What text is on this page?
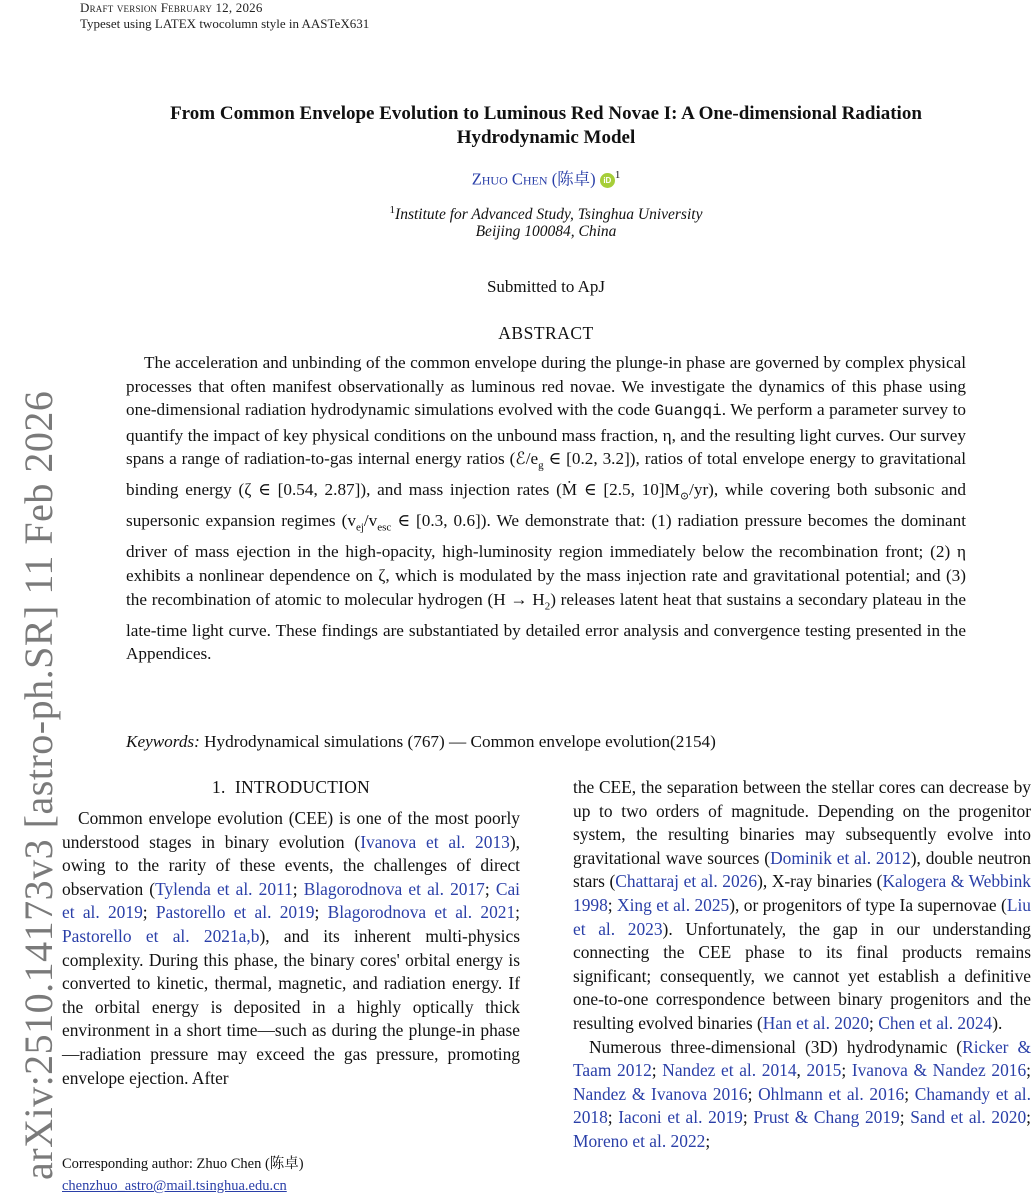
Draft version February 12, 2026
Typeset using LATEX twocolumn style in AASTeX631
arXiv:2510.14173v3 [astro-ph.SR] 11 Feb 2026
From Common Envelope Evolution to Luminous Red Novae I: A One-dimensional Radiation
Hydrodynamic Model
Zhuo Chen (陈卓) iD $^1$
$^1$Institute for Advanced Study, Tsinghua University
Beijing 100084, China
Submitted to ApJ
ABSTRACT
The acceleration and unbinding of the common envelope during the plunge-in phase are governed by complex physical processes that often manifest observationally as luminous red novae. We investigate the dynamics of this phase using one-dimensional radiation hydrodynamic simulations evolved with the code Guangqi. We perform a parameter survey to quantify the impact of key physical conditions on the unbound mass fraction, η, and the resulting light curves. Our survey spans a range of radiation-to-gas internal energy ratios ($ℰ/e_g$ ∈ [0.2, 3.2]), ratios of total envelope energy to gravitational binding energy (ζ ∈ [0.54, 2.87]), and mass injection rates (Ṁ ∈ [2.5, $10]M_⊙/yr$), while covering both subsonic and supersonic expansion regimes ($v_{ej}/v_{esc}$ ∈ [0.3, 0.6]). We demonstrate that: (1) radiation pressure becomes the dominant driver of mass ejection in the high-opacity, high-luminosity region immediately below the recombination front; (2) η exhibits a nonlinear dependence on ζ, which is modulated by the mass injection rate and gravitational potential; and (3) the recombination of atomic to molecular hydrogen $(H \to H_2)$ releases latent heat that sustains a secondary plateau in the late-time light curve. These findings are substantiated by detailed error analysis and convergence testing presented in the Appendices.
Keywords: Hydrodynamical simulations (767) — Common envelope evolution(2154)
1. INTRODUCTION

Common envelope evolution (CEE) is one of the most poorly understood stages in binary evolution (Ivanova et al. 2013), owing to the rarity of these events, the challenges of direct observation (Tylenda et al. 2011; Blagorodnova et al. 2017; Cai et al. 2019; Pastorello et al. 2019; Blagorodnova et al. 2021; Pastorello et al. 2021a,b), and its inherent multi-physics complexity. During this phase, the binary cores' orbital energy is converted to kinetic, thermal, magnetic, and radiation energy. If the orbital energy is deposited in a highly optically thick environment in a short time—such as during the plunge-in phase—radiation pressure may exceed the gas pressure, promoting envelope ejection. After

the CEE, the separation between the stellar cores can decrease by up to two orders of magnitude. Depending on the progenitor system, the resulting binaries may subsequently evolve into gravitational wave sources (Dominik et al. 2012), double neutron stars (Chattaraj et al. 2026), X-ray binaries (Kalogera & Webbink 1998; Xing et al. 2025), or progenitors of type Ia supernovae (Liu et al. 2023). Unfortunately, the gap in our understanding connecting the CEE phase to its final products remains significant; consequently, we cannot yet establish a definitive one-to-one correspondence between binary progenitors and the resulting evolved binaries (Han et al. 2020; Chen et al. 2024).

Numerous three-dimensional (3D) hydrodynamic (Ricker & Taam 2012; Nandez et al. 2014, 2015; Ivanova & Nandez 2016; Nandez & Ivanova 2016; Ohlmann et al. 2016; Chamandy et al. 2018; Iaconi et al. 2019; Prust & Chang 2019; Sand et al. 2020; Moreno et al. 2022;

Corresponding author: Zhuo Chen (陈卓)
chenzhuo_astro@mail.tsinghua.edu.cn
